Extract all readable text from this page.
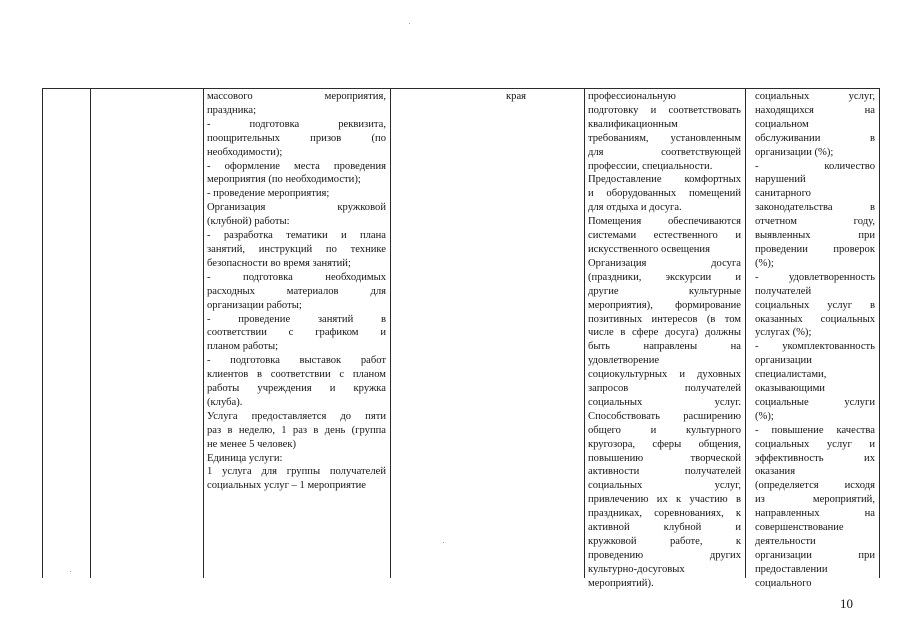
массового мероприятия,
праздника;
- подготовка реквизита,
поощрительных призов (по
необходимости);
- оформление места проведения
мероприятия (по необходимости);
- проведение мероприятия;
Организация кружковой
(клубной) работы:
- разработка тематики и плана
занятий, инструкций по технике
безопасности во время занятий;
- подготовка необходимых
расходных материалов для
организации работы;
- проведение занятий в
соответствии с графиком и
планом работы;
- подготовка выставок работ
клиентов в соответствии с планом
работы учреждения и кружка
(клуба).
Услуга предоставляется до пяти
раз в неделю, 1 раз в день (группа
не менее 5 человек)
Единица услуги:
1 услуга для группы получателей
социальных услуг – 1 мероприятие
края	профессиональную
подготовку и соответствовать
квалификационным
требованиям, установленным
для соответствующей
профессии, специальности.
Предоставление комфортных
и оборудованных помещений
для отдыха и досуга.
Помещения обеспечиваются
системами естественного и
искусственного освещения
Организация досуга
(праздники, экскурсии и
другие культурные
мероприятия), формирование
позитивных интересов (в том
числе в сфере досуга) должны
быть направлены на
удовлетворение
социокультурных и духовных
запросов получателей
социальных услуг.
Способствовать расширению
общего и культурного
кругозора, сферы общения,
повышению творческой
активности получателей
социальных услуг,
привлечению их к участию в
праздниках, соревнованиях, к
активной клубной и
кружковой работе, к
проведению других
культурно-досуговых
мероприятий).
социальных услуг,
находящихся на
социальном
обслуживании в
организации (%);
- количество
нарушений
санитарного
законодательства в
отчетном году,
выявленных при
проведении проверок
(%);
- удовлетворенность
получателей
социальных услуг в
оказанных социальных
услугах (%);
- укомплектованность
организации
специалистами,
оказывающими
социальные услуги
(%);
- повышение качества
социальных услуг и
эффективность их
оказания
(определяется исходя
из мероприятий,
направленных на
совершенствование
деятельности
организации при
предоставлении
социального
10
